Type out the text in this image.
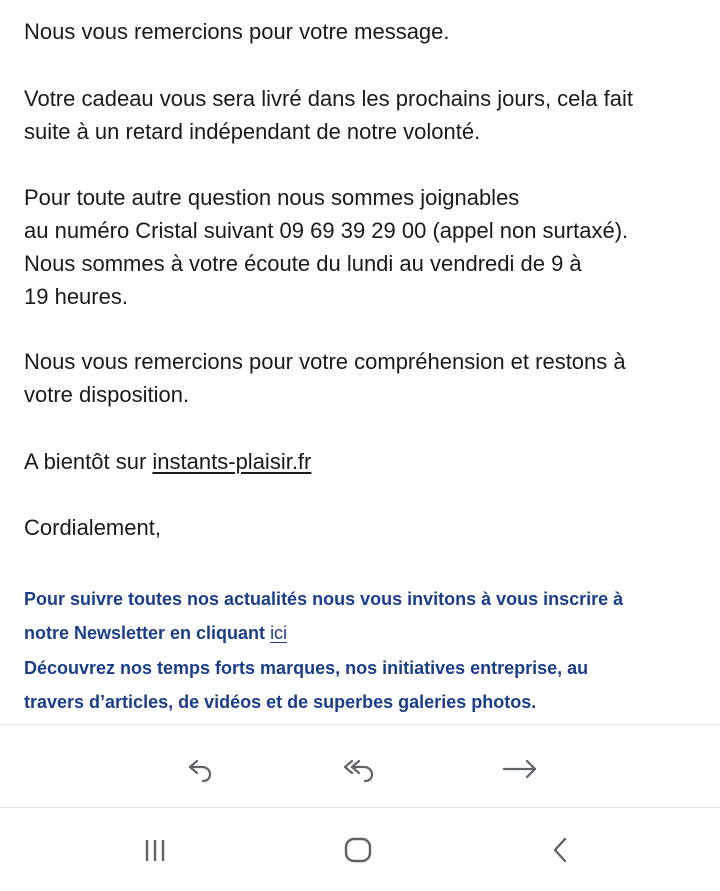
Nous vous remercions pour votre message.
Votre cadeau vous sera livré dans les prochains jours, cela fait
suite à un retard indépendant de notre volonté.
Pour toute autre question nous sommes joignables
au numéro Cristal suivant 09 69 39 29 00 (appel non surtaxé).
Nous sommes à votre écoute du lundi au vendredi de 9 à
19 heures.
Nous vous remercions pour votre compréhension et restons à
votre disposition.
A bientôt sur instants-plaisir.fr
Cordialement,
Pour suivre toutes nos actualités nous vous invitons à vous inscrire à
notre Newsletter en cliquant ici
Découvrez nos temps forts marques, nos initiatives entreprise, au
travers d’articles, de vidéos et de superbes galeries photos.
